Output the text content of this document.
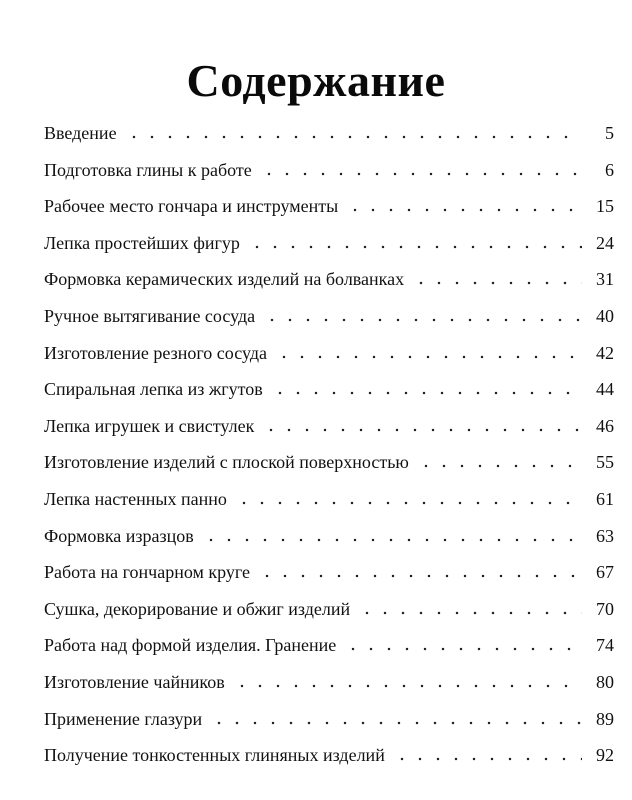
Содержание
Введение	5
Подготовка глины к работе	6
Рабочее место гончара и инструменты	15
Лепка простейших фигур	24
Формовка керамических изделий на болванках	31
Ручное вытягивание сосуда	40
Изготовление резного сосуда	42
Спиральная лепка из жгутов	44
Лепка игрушек и свистулек	46
Изготовление изделий с плоской поверхностью	55
Лепка настенных панно	61
Формовка изразцов	63
Работа на гончарном круге	67
Сушка, декорирование и обжиг изделий	70
Работа над формой изделия. Гранение	74
Изготовление чайников	80
Применение глазури	89
Получение тонкостенных глиняных изделий	92
